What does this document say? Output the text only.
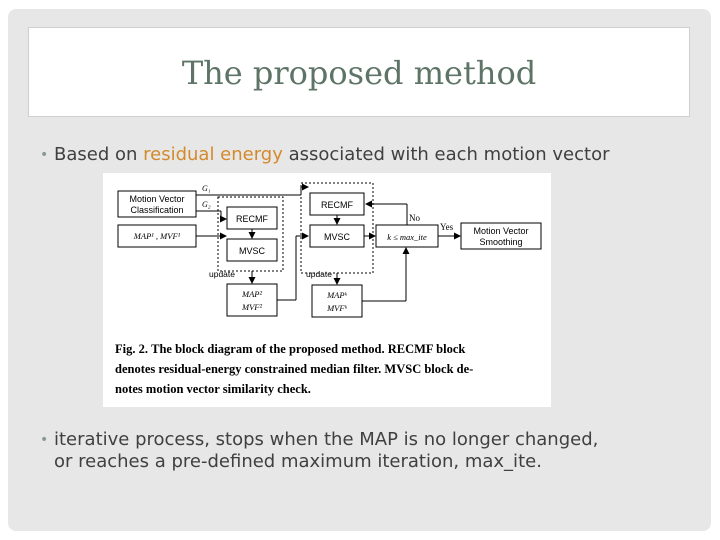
The proposed method
• Based on residual energy associated with each motion vector
Motion Vector
Classification
MAP¹ , MVF¹
G₁
G₂
RECMF
MVSC
update
MAP²
MVF²
RECMF
MVSC
update
MAPᵏ
MVFᵏ
k ≤ max_ite
No
Yes Motion Vector
Smoothing
Fig. 2. The block diagram of the proposed method. RECMF block
denotes residual-energy constrained median filter. MVSC block de-
notes motion vector similarity check.
• iterative process, stops when the MAP is no longer changed,
or reaches a pre-defined maximum iteration, max_ite.
